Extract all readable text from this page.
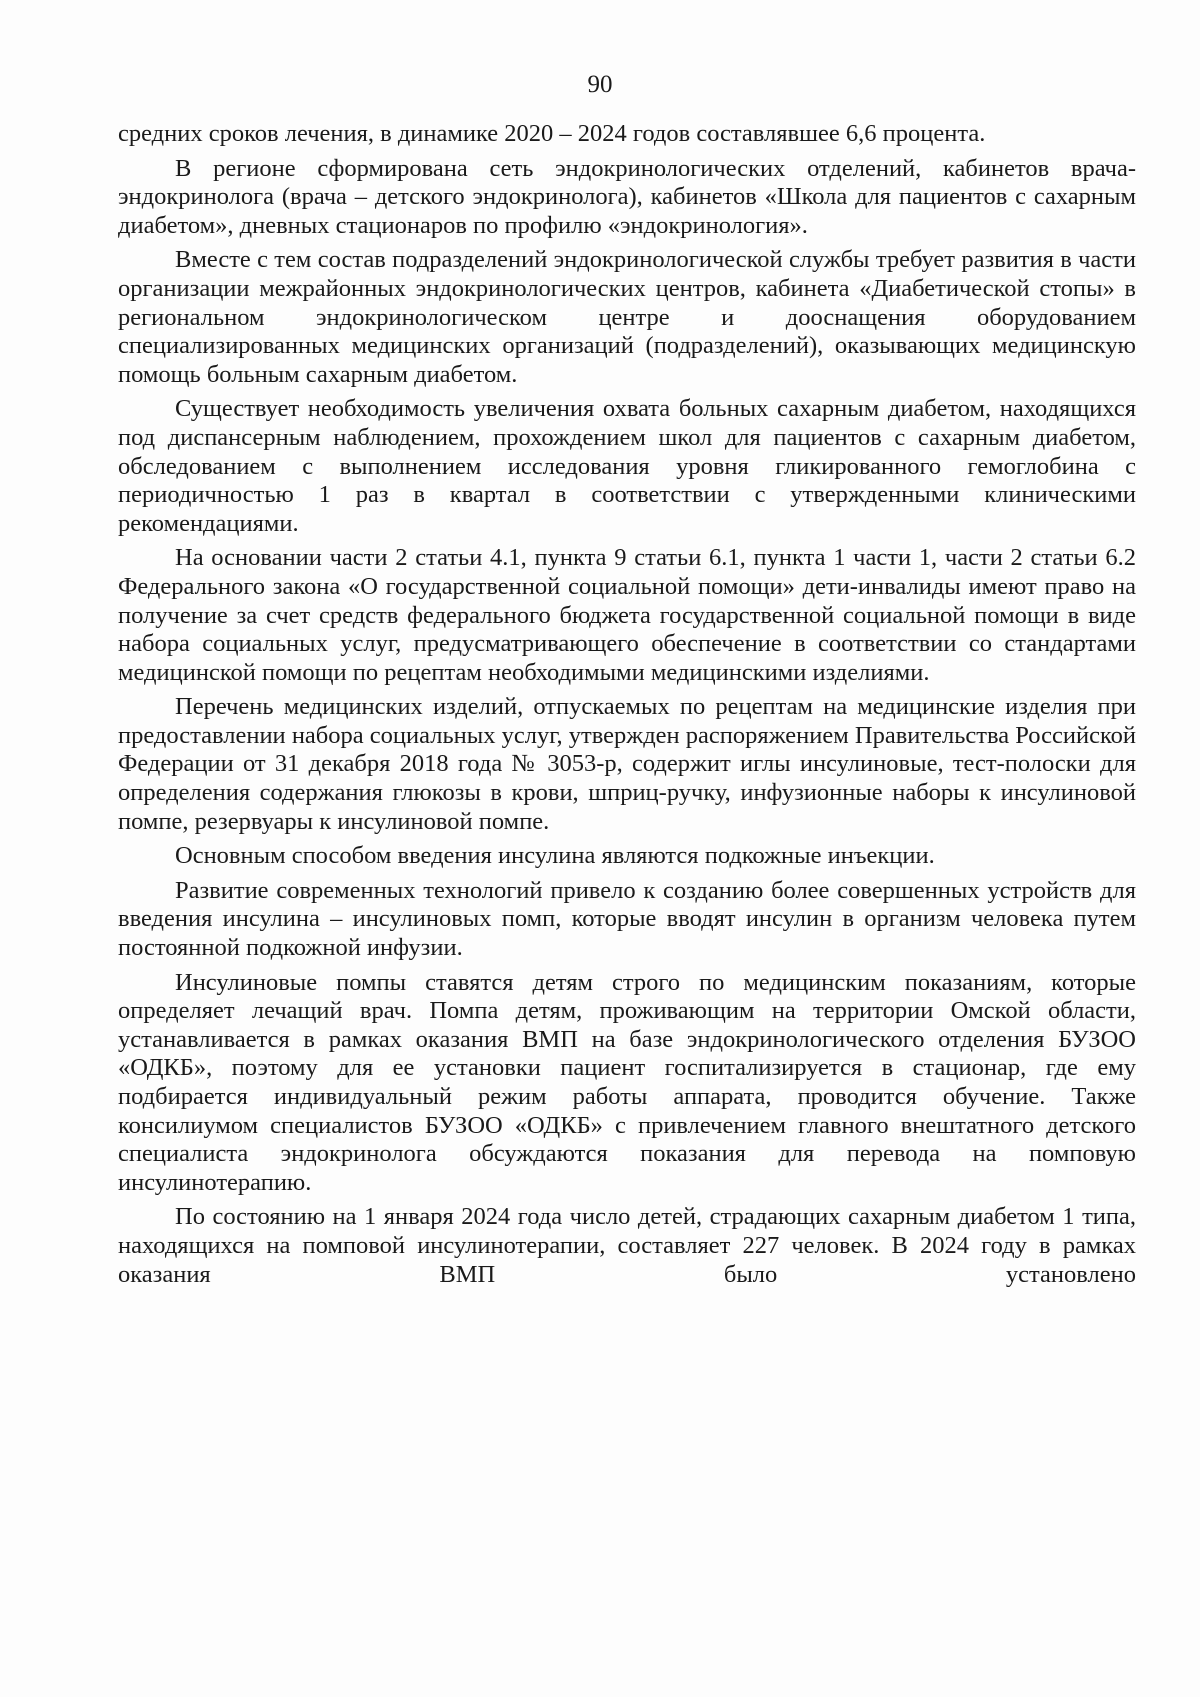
90

средних сроков лечения, в динамике 2020 – 2024 годов составлявшее 6,6 процента.

В регионе сформирована сеть эндокринологических отделений, кабинетов врача-эндокринолога (врача – детского эндокринолога), кабинетов «Школа для пациентов с сахарным диабетом», дневных стационаров по профилю «эндокринология».

Вместе с тем состав подразделений эндокринологической службы требует развития в части организации межрайонных эндокринологических центров, кабинета «Диабетической стопы» в региональном эндокринологическом центре и дооснащения оборудованием специализированных медицинских организаций (подразделений), оказывающих медицинскую помощь больным сахарным диабетом.

Существует необходимость увеличения охвата больных сахарным диабетом, находящихся под диспансерным наблюдением, прохождением школ для пациентов с сахарным диабетом, обследованием с выполнением исследования уровня гликированного гемоглобина с периодичностью 1 раз в квартал в соответствии с утвержденными клиническими рекомендациями.

На основании части 2 статьи 4.1, пункта 9 статьи 6.1, пункта 1 части 1, части 2 статьи 6.2 Федерального закона «О государственной социальной помощи» дети-инвалиды имеют право на получение за счет средств федерального бюджета государственной социальной помощи в виде набора социальных услуг, предусматривающего обеспечение в соответствии со стандартами медицинской помощи по рецептам необходимыми медицинскими изделиями.

Перечень медицинских изделий, отпускаемых по рецептам на медицинские изделия при предоставлении набора социальных услуг, утвержден распоряжением Правительства Российской Федерации от 31 декабря 2018 года № 3053-р, содержит иглы инсулиновые, тест-полоски для определения содержания глюкозы в крови, шприц-ручку, инфузионные наборы к инсулиновой помпе, резервуары к инсулиновой помпе.

Основным способом введения инсулина являются подкожные инъекции.

Развитие современных технологий привело к созданию более совершенных устройств для введения инсулина – инсулиновых помп, которые вводят инсулин в организм человека путем постоянной подкожной инфузии.

Инсулиновые помпы ставятся детям строго по медицинским показаниям, которые определяет лечащий врач. Помпа детям, проживающим на территории Омской области, устанавливается в рамках оказания ВМП на базе эндокринологического отделения БУЗОО «ОДКБ», поэтому для ее установки пациент госпитализируется в стационар, где ему подбирается индивидуальный режим работы аппарата, проводится обучение. Также консилиумом специалистов БУЗОО «ОДКБ» с привлечением главного внештатного детского специалиста эндокринолога обсуждаются показания для перевода на помповую инсулинотерапию.

По состоянию на 1 января 2024 года число детей, страдающих сахарным диабетом 1 типа, находящихся на помповой инсулинотерапии, составляет 227 человек. В 2024 году в рамках оказания ВМП было установлено
